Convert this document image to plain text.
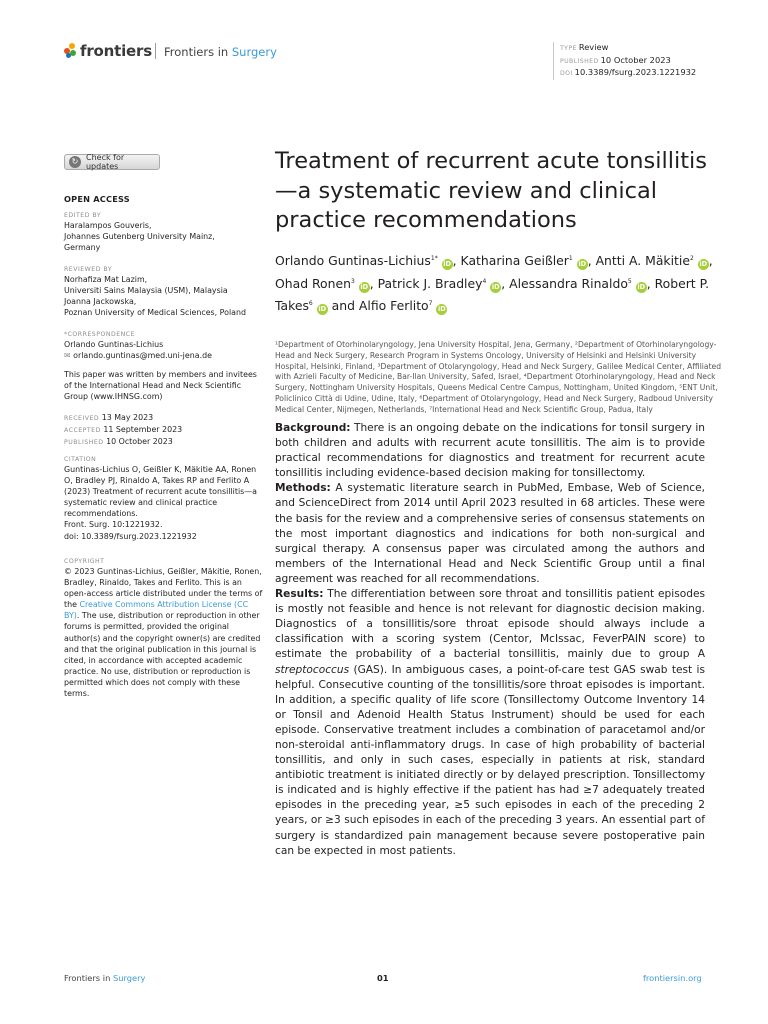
frontiers Frontiers in Surgery	TYPE Review
PUBLISHED 10 October 2023
DOI 10.3389/fsurg.2023.1221932
↻ Check for updates
OPEN ACCESS
EDITED BY
Haralampos Gouveris,
Johannes Gutenberg University Mainz,
Germany
REVIEWED BY
Norhafiza Mat Lazim,
Universiti Sains Malaysia (USM), Malaysia
Joanna Jackowska,
Poznan University of Medical Sciences, Poland
*CORRESPONDENCE
Orlando Guntinas-Lichius
✉ orlando.guntinas@med.uni-jena.de
This paper was written by members and invitees of the International Head and Neck Scientific Group (www.IHNSG.com)
RECEIVED 13 May 2023
ACCEPTED 11 September 2023
PUBLISHED 10 October 2023
CITATION
Guntinas-Lichius O, Geißler K, Mäkitie AA, Ronen O, Bradley PJ, Rinaldo A, Takes RP and Ferlito A (2023) Treatment of recurrent acute tonsillitis—a systematic review and clinical practice recommendations.
Front. Surg. 10:1221932.
doi: 10.3389/fsurg.2023.1221932
COPYRIGHT
© 2023 Guntinas-Lichius, Geißler, Mäkitie, Ronen, Bradley, Rinaldo, Takes and Ferlito. This is an open-access article distributed under the terms of the Creative Commons Attribution License (CC BY). The use, distribution or reproduction in other forums is permitted, provided the original author(s) and the copyright owner(s) are credited and that the original publication in this journal is cited, in accordance with accepted academic practice. No use, distribution or reproduction is permitted which does not comply with these terms.
Treatment of recurrent acute tonsillitis—a systematic review and clinical practice recommendations
Orlando Guntinas-Lichius$^{1*}$ iD , Katharina Geißler$^1$ iD , Antti A. Mäkitie$^2$ iD , Ohad Ronen$^3$ iD , Patrick J. Bradley$^4$ iD , Alessandra Rinaldo$^5$ iD , Robert P. Takes$^6$ iD and Alfio Ferlito$^7$ iD
¹Department of Otorhinolaryngology, Jena University Hospital, Jena, Germany, ²Department of Otorhinolaryngology-Head and Neck Surgery, Research Program in Systems Oncology, University of Helsinki and Helsinki University Hospital, Helsinki, Finland, ³Department of Otolaryngology, Head and Neck Surgery, Galilee Medical Center, Affiliated with Azrieli Faculty of Medicine, Bar-Ilan University, Safed, Israel, ⁴Department Otorhinolaryngology, Head and Neck Surgery, Nottingham University Hospitals, Queens Medical Centre Campus, Nottingham, United Kingdom, ⁵ENT Unit, Policlinico Città di Udine, Udine, Italy, ⁶Department of Otolaryngology, Head and Neck Surgery, Radboud University Medical Center, Nijmegen, Netherlands, ⁷International Head and Neck Scientific Group, Padua, Italy

Background: There is an ongoing debate on the indications for tonsil surgery in both children and adults with recurrent acute tonsillitis. The aim is to provide practical recommendations for diagnostics and treatment for recurrent acute tonsillitis including evidence-based decision making for tonsillectomy.

Methods: A systematic literature search in PubMed, Embase, Web of Science, and ScienceDirect from 2014 until April 2023 resulted in 68 articles. These were the basis for the review and a comprehensive series of consensus statements on the most important diagnostics and indications for both non-surgical and surgical therapy. A consensus paper was circulated among the authors and members of the International Head and Neck Scientific Group until a final agreement was reached for all recommendations.

Results: The differentiation between sore throat and tonsillitis patient episodes is mostly not feasible and hence is not relevant for diagnostic decision making. Diagnostics of a tonsillitis/sore throat episode should always include a classification with a scoring system (Centor, McIssac, FeverPAIN score) to estimate the probability of a bacterial tonsillitis, mainly due to group A streptococcus (GAS). In ambiguous cases, a point-of-care test GAS swab test is helpful. Consecutive counting of the tonsillitis/sore throat episodes is important. In addition, a specific quality of life score (Tonsillectomy Outcome Inventory 14 or Tonsil and Adenoid Health Status Instrument) should be used for each episode. Conservative treatment includes a combination of paracetamol and/or non-steroidal anti-inflammatory drugs. In case of high probability of bacterial tonsillitis, and only in such cases, especially in patients at risk, standard antibiotic treatment is initiated directly or by delayed prescription. Tonsillectomy is indicated and is highly effective if the patient has had ≥7 adequately treated episodes in the preceding year, ≥5 such episodes in each of the preceding 2 years, or ≥3 such episodes in each of the preceding 3 years. An essential part of surgery is standardized pain management because severe postoperative pain can be expected in most patients.

Frontiers in Surgery	01	frontiersin.org
